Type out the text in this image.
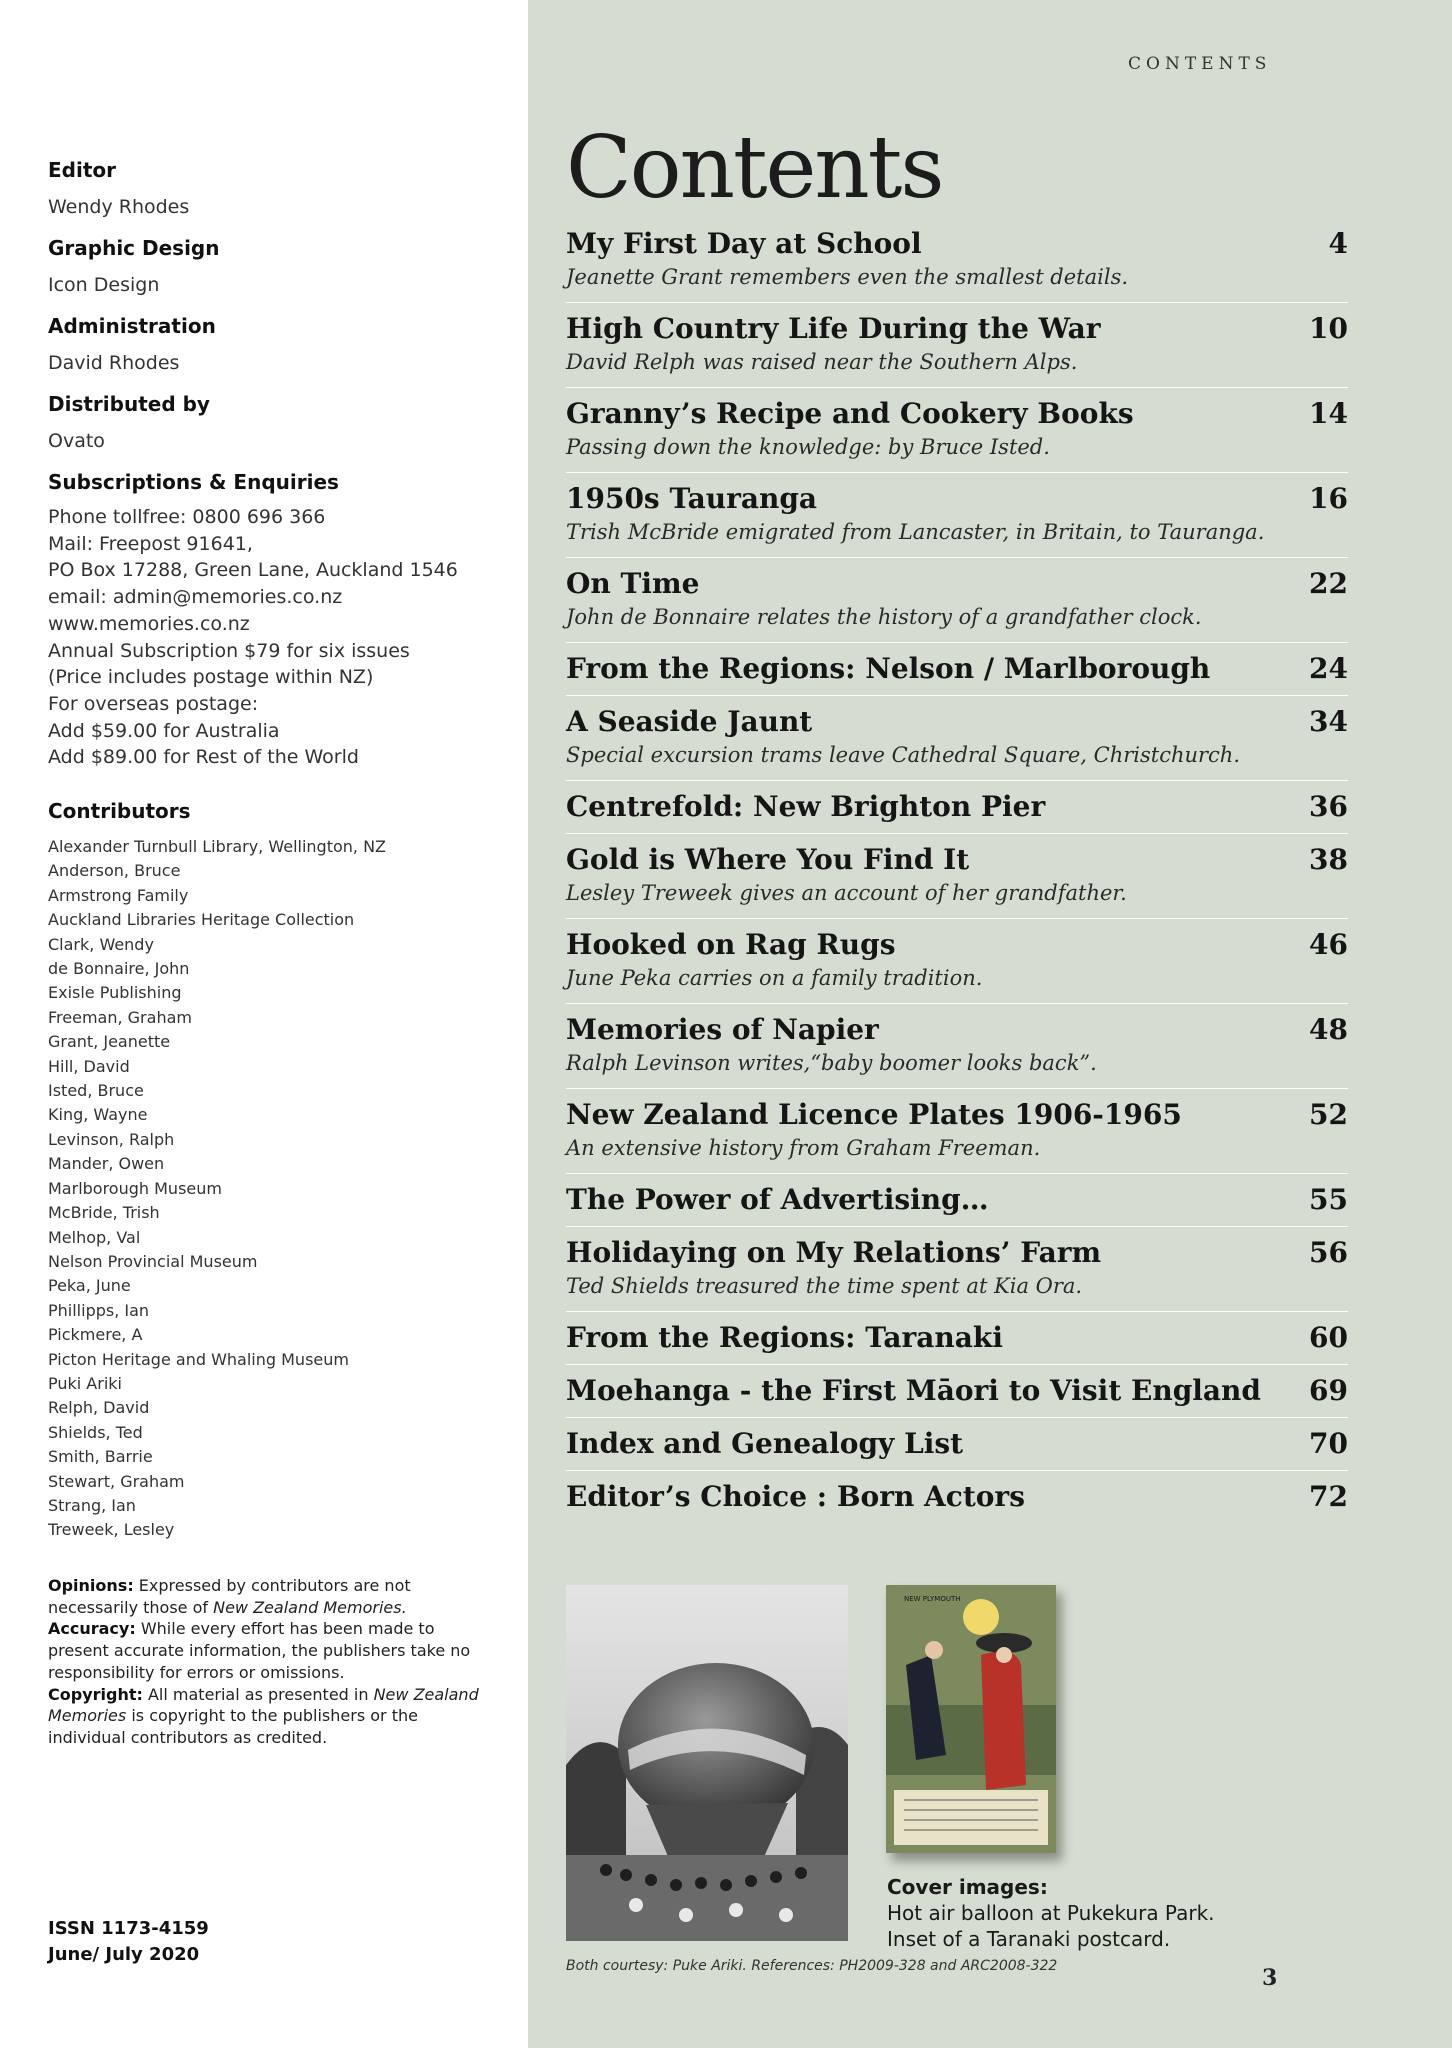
Editor
Wendy Rhodes
Graphic Design
Icon Design
Administration
David Rhodes
Distributed by
Ovato
Subscriptions & Enquiries
Phone tollfree: 0800 696 366
Mail: Freepost 91641,
PO Box 17288, Green Lane, Auckland 1546
email: admin@memories.co.nz
www.memories.co.nz
Annual Subscription $79 for six issues
(Price includes postage within NZ)
For overseas postage:
Add $59.00 for Australia
Add $89.00 for Rest of the World
Contributors
Alexander Turnbull Library, Wellington, NZ
Anderson, Bruce
Armstrong Family
Auckland Libraries Heritage Collection
Clark, Wendy
de Bonnaire, John
Exisle Publishing
Freeman, Graham
Grant, Jeanette
Hill, David
Isted, Bruce
King, Wayne
Levinson, Ralph
Mander, Owen
Marlborough Museum
McBride, Trish
Melhop, Val
Nelson Provincial Museum
Peka, June
Phillipps, Ian
Pickmere, A
Picton Heritage and Whaling Museum
Puki Ariki
Relph, David
Shields, Ted
Smith, Barrie
Stewart, Graham
Strang, Ian
Treweek, Lesley
Opinions: Expressed by contributors are not necessarily those of New Zealand Memories.
Accuracy: While every effort has been made to present accurate information, the publishers take no responsibility for errors or omissions.
Copyright: All material as presented in New Zealand Memories is copyright to the publishers or the individual contributors as credited.
ISSN 1173-4159
June/ July 2020
CONTENTS
Contents
My First Day at School	4
Jeanette Grant remembers even the smallest details.
High Country Life During the War	10
David Relph was raised near the Southern Alps.
Granny’s Recipe and Cookery Books	14
Passing down the knowledge: by Bruce Isted.
1950s Tauranga	16
Trish McBride emigrated from Lancaster, in Britain, to Tauranga.
On Time	22
John de Bonnaire relates the history of a grandfather clock.
From the Regions: Nelson / Marlborough	24
A Seaside Jaunt	34
Special excursion trams leave Cathedral Square, Christchurch.
Centrefold: New Brighton Pier	36
Gold is Where You Find It	38
Lesley Treweek gives an account of her grandfather.
Hooked on Rag Rugs	46
June Peka carries on a family tradition.
Memories of Napier	48
Ralph Levinson writes,“baby boomer looks back”.
New Zealand Licence Plates 1906-1965	52
An extensive history from Graham Freeman.
The Power of Advertising…	55
Holidaying on My Relations’ Farm	56
Ted Shields treasured the time spent at Kia Ora.
From the Regions: Taranaki	60
Moehanga - the First Māori to Visit England	69
Index and Genealogy List	70
Editor’s Choice : Born Actors	72
NEW PLYMOUTH
Cover images:
Hot air balloon at Pukekura Park.
Inset of a Taranaki postcard.
Both courtesy: Puke Ariki. References: PH2009-328 and ARC2008-322	3
